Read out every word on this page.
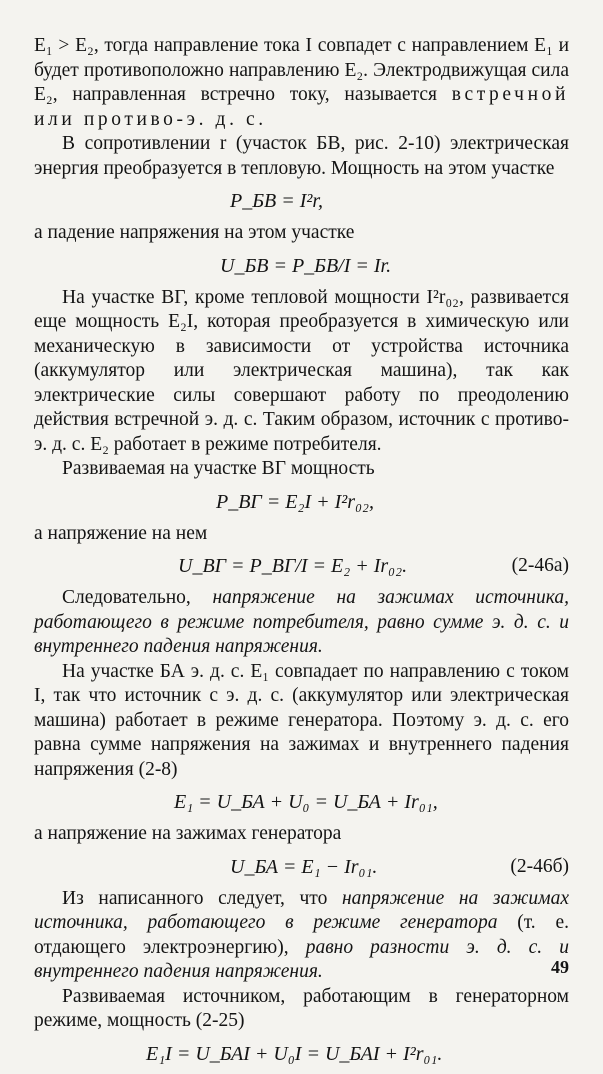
E₁ > E₂, тогда направление тока I совпадет с направлением E₁ и будет противоположно направлению E₂. Электродвижущая сила E₂, направленная встречно току, называется встречной или противо-э. д. с.

В сопротивлении r (участок БВ, рис. 2-10) электрическая энергия преобразуется в тепловую. Мощность на этом участке

P_БВ = I²r,

а падение напряжения на этом участке

U_БВ = P_БВ/I = Ir.

На участке ВГ, кроме тепловой мощности I²r₀₂, развивается еще мощность E₂I, которая преобразуется в химическую или механическую в зависимости от устройства источника (аккумулятор или электрическая машина), так как электрические силы совершают работу по преодолению действия встречной э. д. с. Таким образом, источник с противо-э. д. с. E₂ работает в режиме потребителя.

Развиваемая на участке ВГ мощность

P_ВГ = E₂I + I²r₀₂,

а напряжение на нем

U_ВГ = P_ВГ/I = E₂ + Ir₀₂.	(2-46а)

Следовательно, напряжение на зажимах источника, работающего в режиме потребителя, равно сумме э. д. с. и внутреннего падения напряжения.

На участке БА э. д. с. E₁ совпадает по направлению с током I, так что источник с э. д. с. (аккумулятор или электрическая машина) работает в режиме генератора. Поэтому э. д. с. его равна сумме напряжения на зажимах и внутреннего падения напряжения (2-8)

E₁ = U_БА + U₀ = U_БА + Ir₀₁,

а напряжение на зажимах генератора

U_БА = E₁ − Ir₀₁.	(2-46б)

Из написанного следует, что напряжение на зажимах источника, работающего в режиме генератора (т. е. отдающего электроэнергию), равно разности э. д. с. и внутреннего падения напряжения.

Развиваемая источником, работающим в генераторном режиме, мощность (2-25)

E₁I = U_БАI + U₀I = U_БАI + I²r₀₁.
49
